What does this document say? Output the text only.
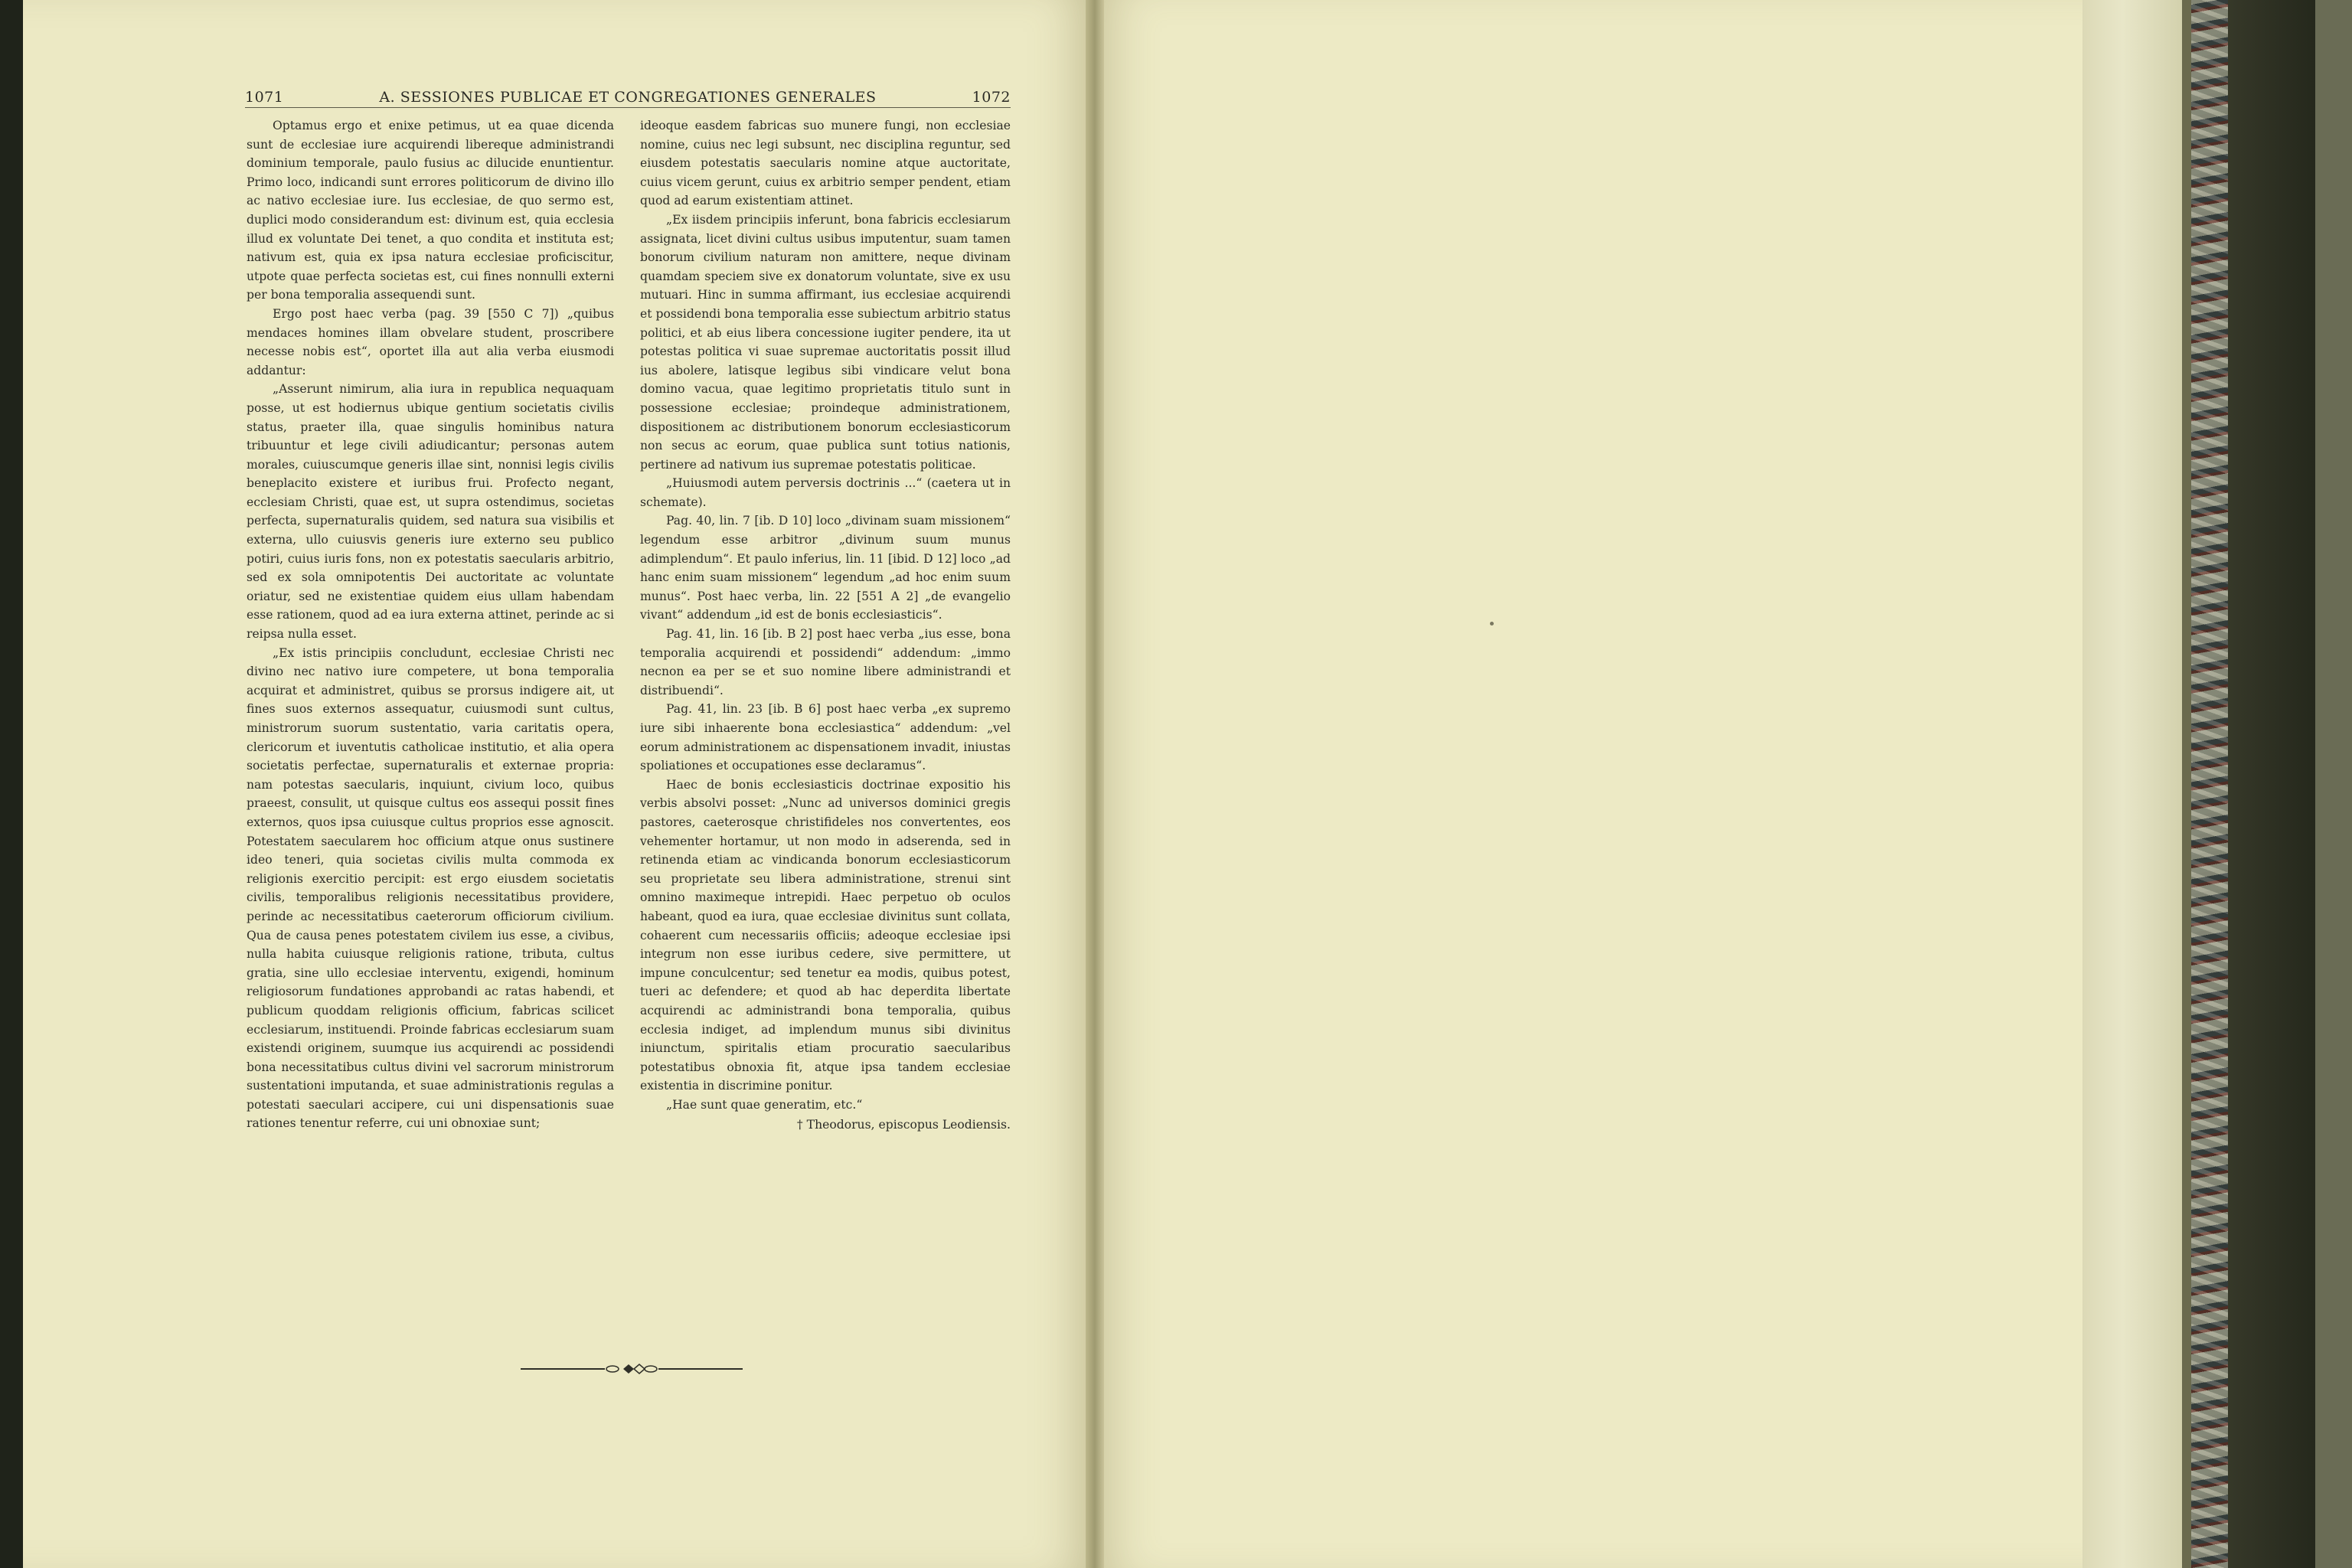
1071	A. SESSIONES PUBLICAE ET CONGREGATIONES GENERALES	1072

Optamus ergo et enixe petimus, ut ea quae dicenda sunt de ecclesiae iure acquirendi libereque administrandi dominium temporale, paulo fusius ac dilucide enuntientur. Primo loco, indicandi sunt errores politicorum de divino illo ac nativo ecclesiae iure. Ius ecclesiae, de quo sermo est, duplici modo considerandum est: divinum est, quia ecclesia illud ex voluntate Dei tenet, a quo condita et instituta est; nativum est, quia ex ipsa natura ecclesiae proficiscitur, utpote quae perfecta societas est, cui fines nonnulli externi per bona temporalia assequendi sunt.

Ergo post haec verba (pag. 39 [550 C 7]) „quibus mendaces homines illam obvelare student, proscribere necesse nobis est“, oportet illa aut alia verba eiusmodi addantur:

„Asserunt nimirum, alia iura in republica nequaquam posse, ut est hodiernus ubique gentium societatis civilis status, praeter illa, quae singulis hominibus natura tribuuntur et lege civili adiudicantur; personas autem morales, cuiuscumque generis illae sint, nonnisi legis civilis beneplacito existere et iuribus frui. Profecto negant, ecclesiam Christi, quae est, ut supra ostendimus, societas perfecta, supernaturalis quidem, sed natura sua visibilis et externa, ullo cuiusvis generis iure externo seu publico potiri, cuius iuris fons, non ex potestatis saecularis arbitrio, sed ex sola omnipotentis Dei auctoritate ac voluntate oriatur, sed ne existentiae quidem eius ullam habendam esse rationem, quod ad ea iura externa attinet, perinde ac si reipsa nulla esset.

„Ex istis principiis concludunt, ecclesiae Christi nec divino nec nativo iure competere, ut bona temporalia acquirat et administret, quibus se prorsus indigere ait, ut fines suos externos assequatur, cuiusmodi sunt cultus, ministrorum suorum sustentatio, varia caritatis opera, clericorum et iuventutis catholicae institutio, et alia opera societatis perfectae, supernaturalis et externae propria: nam potestas saecularis, inquiunt, civium loco, quibus praeest, consulit, ut quisque cultus eos assequi possit fines externos, quos ipsa cuiusque cultus proprios esse agnoscit. Potestatem saecularem hoc officium atque onus sustinere ideo teneri, quia societas civilis multa commoda ex religionis exercitio percipit: est ergo eiusdem societatis civilis, temporalibus religionis necessitatibus providere, perinde ac necessitatibus caeterorum officiorum civilium. Qua de causa penes potestatem civilem ius esse, a civibus, nulla habita cuiusque religionis ratione, tributa, cultus gratia, sine ullo ecclesiae interventu, exigendi, hominum religiosorum fundationes approbandi ac ratas habendi, et publicum quoddam religionis officium, fabricas scilicet ecclesiarum, instituendi. Proinde fabricas ecclesiarum suam existendi originem, suumque ius acquirendi ac possidendi bona necessitatibus cultus divini vel sacrorum ministrorum sustentationi imputanda, et suae administrationis regulas a potestati saeculari accipere, cui uni dispensationis suae rationes tenentur referre, cui uni obnoxiae sunt;

ideoque easdem fabricas suo munere fungi, non ecclesiae nomine, cuius nec legi subsunt, nec disciplina reguntur, sed eiusdem potestatis saecularis nomine atque auctoritate, cuius vicem gerunt, cuius ex arbitrio semper pendent, etiam quod ad earum existentiam attinet.

„Ex iisdem principiis inferunt, bona fabricis ecclesiarum assignata, licet divini cultus usibus imputentur, suam tamen bonorum civilium naturam non amittere, neque divinam quamdam speciem sive ex donatorum voluntate, sive ex usu mutuari. Hinc in summa affirmant, ius ecclesiae acquirendi et possidendi bona temporalia esse subiectum arbitrio status politici, et ab eius libera concessione iugiter pendere, ita ut potestas politica vi suae supremae auctoritatis possit illud ius abolere, latisque legibus sibi vindicare velut bona domino vacua, quae legitimo proprietatis titulo sunt in possessione ecclesiae; proindeque administrationem, dispositionem ac distributionem bonorum ecclesiasticorum non secus ac eorum, quae publica sunt totius nationis, pertinere ad nativum ius supremae potestatis politicae.

„Huiusmodi autem perversis doctrinis ...“ (caetera ut in schemate).

Pag. 40, lin. 7 [ib. D 10] loco „divinam suam missionem“ legendum esse arbitror „divinum suum munus adimplendum“. Et paulo inferius, lin. 11 [ibid. D 12] loco „ad hanc enim suam missionem“ legendum „ad hoc enim suum munus“. Post haec verba, lin. 22 [551 A 2] „de evangelio vivant“ addendum „id est de bonis ecclesiasticis“.

Pag. 41, lin. 16 [ib. B 2] post haec verba „ius esse, bona temporalia acquirendi et possidendi“ addendum: „immo necnon ea per se et suo nomine libere administrandi et distribuendi“.

Pag. 41, lin. 23 [ib. B 6] post haec verba „ex supremo iure sibi inhaerente bona ecclesiastica“ addendum: „vel eorum administrationem ac dispensationem invadit, iniustas spoliationes et occupationes esse declaramus“.

Haec de bonis ecclesiasticis doctrinae expositio his verbis absolvi posset: „Nunc ad universos dominici gregis pastores, caeterosque christifideles nos convertentes, eos vehementer hortamur, ut non modo in adserenda, sed in retinenda etiam ac vindicanda bonorum ecclesiasticorum seu proprietate seu libera administratione, strenui sint omnino maximeque intrepidi. Haec perpetuo ob oculos habeant, quod ea iura, quae ecclesiae divinitus sunt collata, cohaerent cum necessariis officiis; adeoque ecclesiae ipsi integrum non esse iuribus cedere, sive permittere, ut impune conculcentur; sed tenetur ea modis, quibus potest, tueri ac defendere; et quod ab hac deperdita libertate acquirendi ac administrandi bona temporalia, quibus ecclesia indiget, ad implendum munus sibi divinitus iniunctum, spiritalis etiam procuratio saecularibus potestatibus obnoxia fit, atque ipsa tandem ecclesiae existentia in discrimine ponitur.

„Hae sunt quae generatim, etc.“

† Theodorus, episcopus Leodiensis.
